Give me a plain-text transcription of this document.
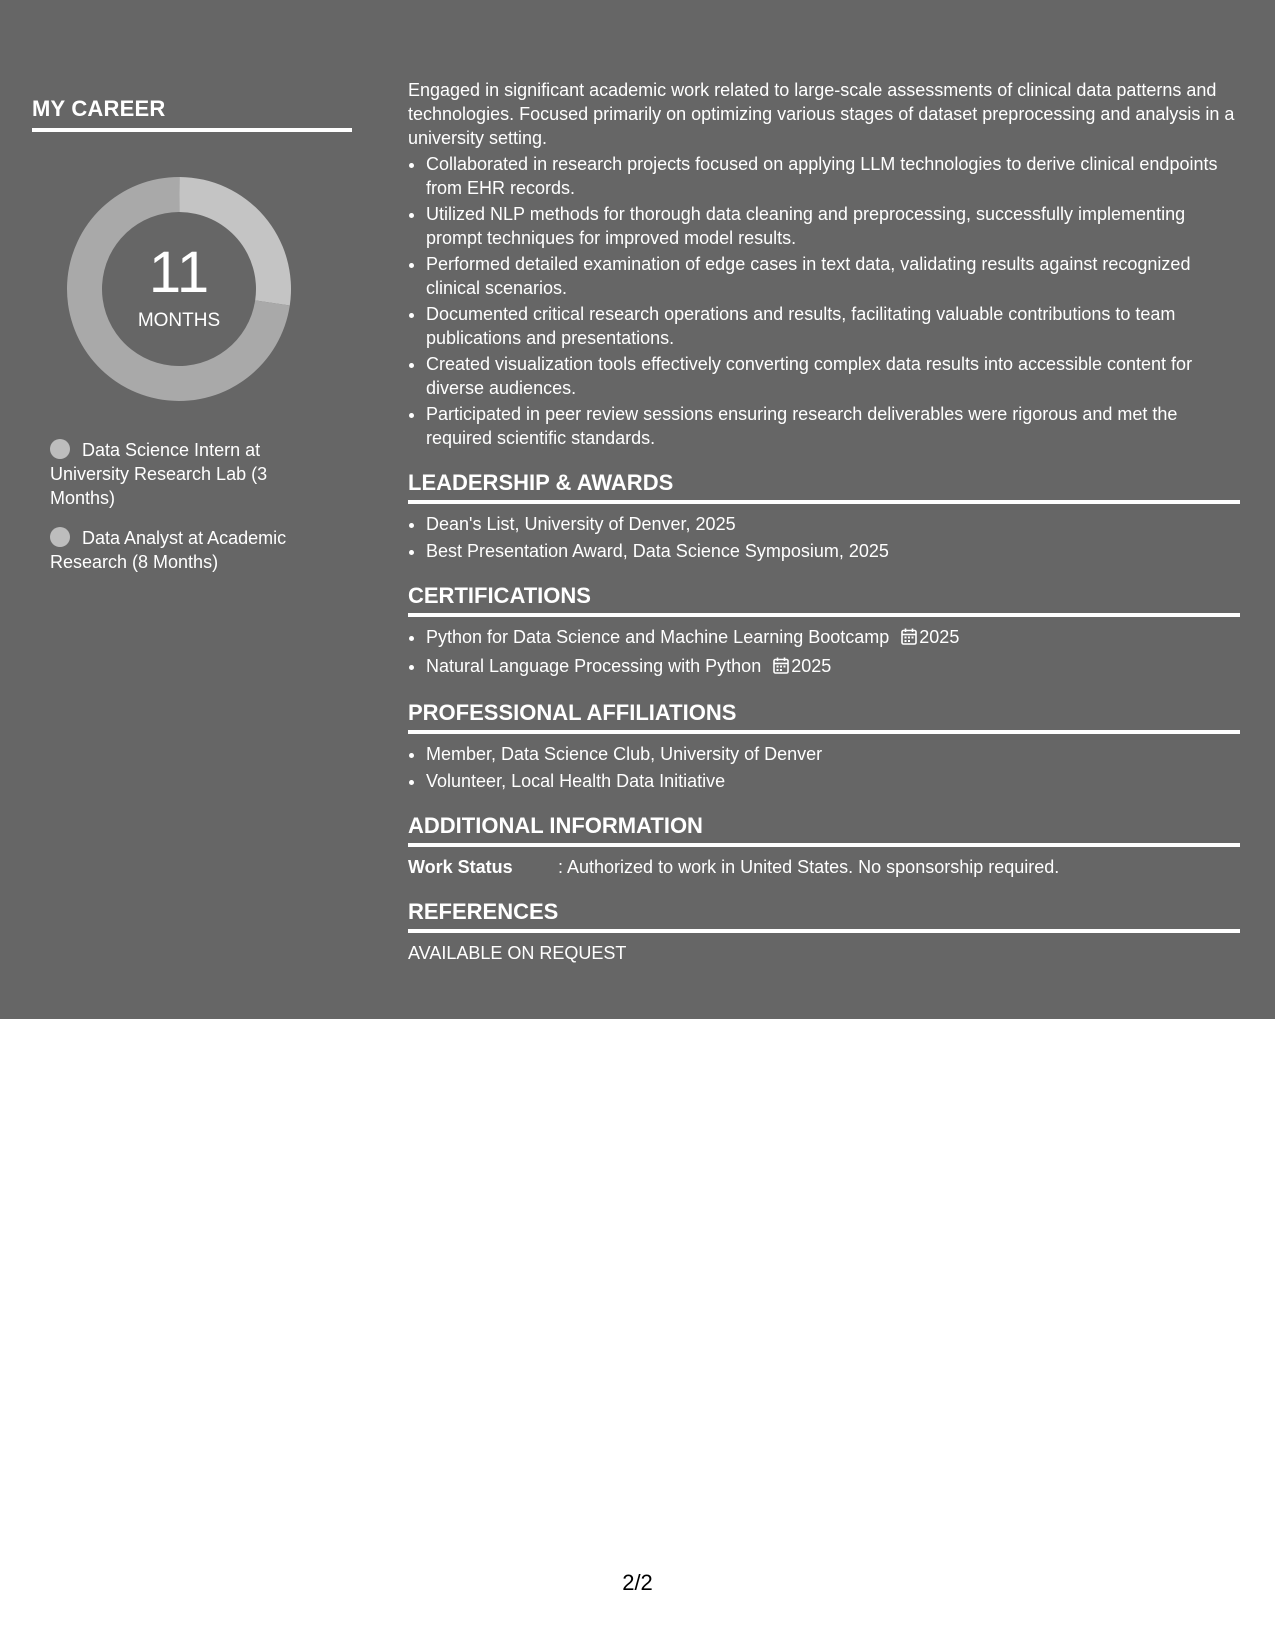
MY CAREER
11
MONTHS
Data Science Intern at University Research Lab (3 Months)
Data Analyst at Academic Research (8 Months)

Engaged in significant academic work related to large-scale assessments of clinical data patterns and technologies. Focused primarily on optimizing various stages of dataset preprocessing and analysis in a university setting.

• Collaborated in research projects focused on applying LLM technologies to derive clinical endpoints from EHR records.
• Utilized NLP methods for thorough data cleaning and preprocessing, successfully implementing prompt techniques for improved model results.
• Performed detailed examination of edge cases in text data, validating results against recognized clinical scenarios.
• Documented critical research operations and results, facilitating valuable contributions to team publications and presentations.
• Created visualization tools effectively converting complex data results into accessible content for diverse audiences.
• Participated in peer review sessions ensuring research deliverables were rigorous and met the required scientific standards.
LEADERSHIP & AWARDS
• Dean's List, University of Denver, 2025
• Best Presentation Award, Data Science Symposium, 2025
CERTIFICATIONS
• Python for Data Science and Machine Learning Bootcamp 2025
• Natural Language Processing with Python 2025
PROFESSIONAL AFFILIATIONS
• Member, Data Science Club, University of Denver
• Volunteer, Local Health Data Initiative
ADDITIONAL INFORMATION
Work Status	: Authorized to work in United States. No sponsorship required.
REFERENCES
AVAILABLE ON REQUEST
2/2
